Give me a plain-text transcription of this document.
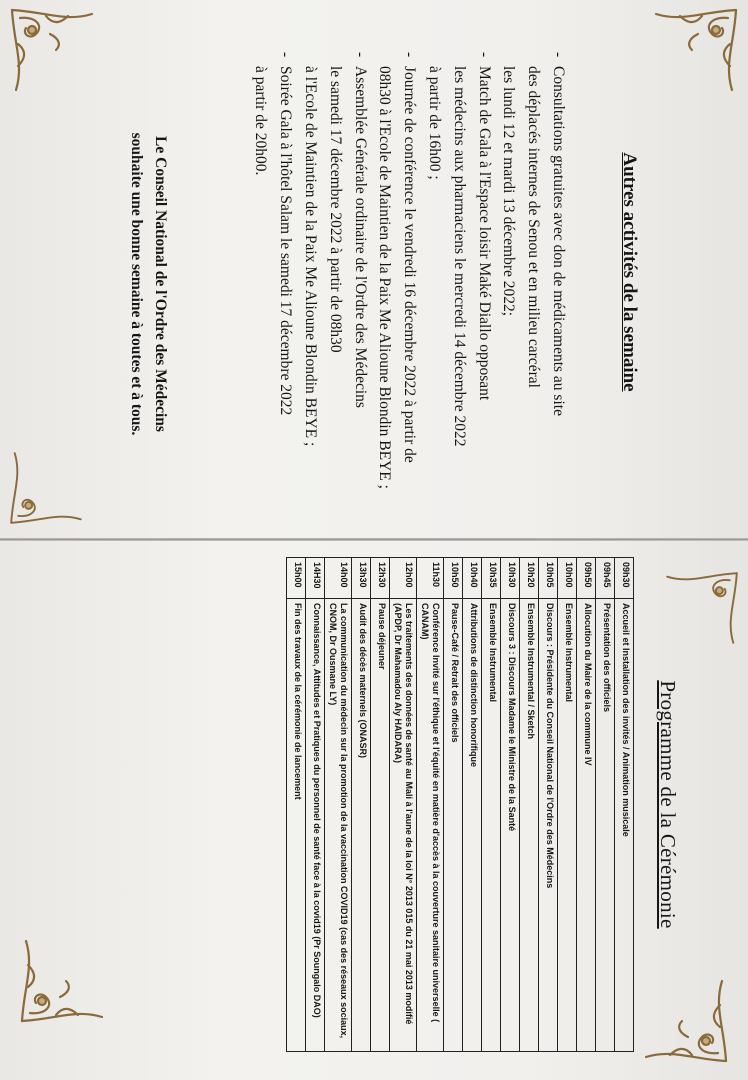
Autres activités de la semaine
-
Consultations gratuites avec don de médicaments au site
des déplacés internes de Senou et en milieu carcéral
les lundi 12 et mardi 13 décembre 2022;
-
Match de Gala à l'Espace loisir Maké Diallo opposant
les médecins aux pharmaciens le mercredi 14 décembre 2022
à partir de 16h00 ;
-
Journée de conférence le vendredi 16 décembre 2022 à partir de
08h30 à l'Ecole de Maintien de la Paix Me Alioune Blondin BEYE ;
-
Assemblée Générale ordinaire de l'Ordre des Médecins
le samedi 17 décembre 2022 à partir de 08h30
à l'Ecole de Maintien de la Paix Me Alioune Blondin BEYE ;
-
Soirée Gala à l'hôtel Salam le samedi 17 décembre 2022
à partir de 20h00.
Le Conseil National de l'Ordre des Médecins
souhaite une bonne semaine à toutes et à tous.
Programme de la Cérémonie
09h30	Accueil et Installation des invités / Animation musicale
09h45	Présentation des officiels
09h50	Allocution du Maire de la commune IV
10h00	Ensemble Instrumental
10h05	Discours : Présidente du Conseil National de l'Ordre des Médecins
10h20	Ensemble Instrumental / Sketch
10h30	Discours 3 : Discours Madame le Ministre de la Santé
10h35	Ensemble Instrumental
10h40	Attributions de distinction honorifique
10h50	Pause-Café / Retrait des officiels
11h30	Conférence Invité sur l'éthique et l'équité en matière d'accès à la couverture sanitaire universelle ( CANAM)
12h00	Les traitements des données de santé au Mali à l'aune de la loi N° 2013 015 du 21 mai 2013 modifié (APDP, Dr Mahamadou Aly HAIDARA)
12h30	Pause déjeuner
13h30	Audit des décès maternels (ONASR)
14h00	La communication du médecin sur la promotion de la vaccination COVID19 (cas des réseaux sociaux, CNOM, Dr Ousmane LY)
14H30	Connaissance, Attitudes et Pratiques du personnel de santé face à la covid19 (Pr Soungalo DAO)
15h00	Fin des travaux de la cérémonie de lancement
